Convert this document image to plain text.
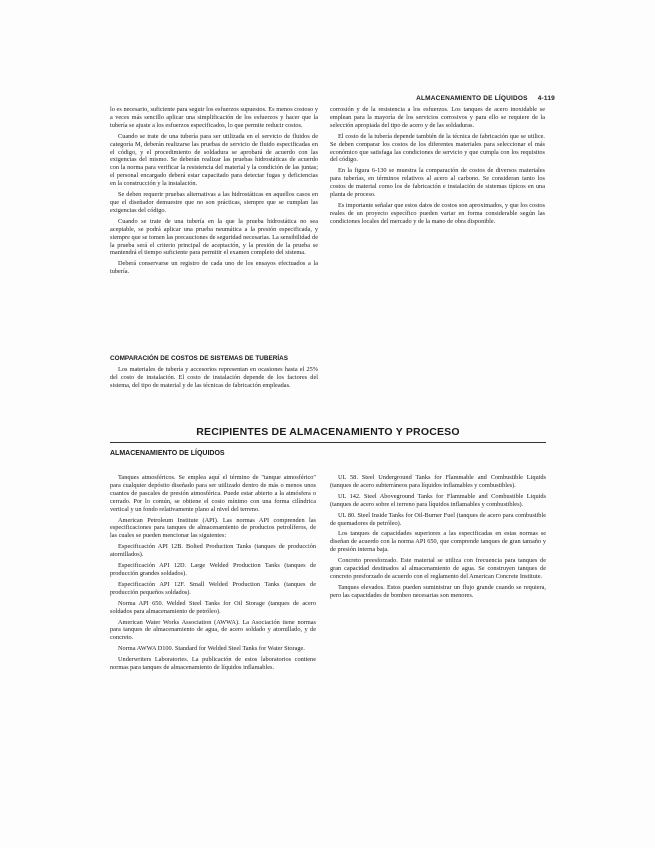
ALMACENAMIENTO DE LÍQUIDOS 4-119

lo es necesario, suficiente para seguir los esfuerzos supuestos. Es menos costoso y a veces más sencillo aplicar una simplificación de los esfuerzos y hacer que la tubería se ajuste a los esfuerzos especificados, lo que permite reducir costos.

Cuando se trate de una tubería para ser utilizada en el servicio de fluidos de categoría M, deberán realizarse las pruebas de servicio de fluido especificadas en el código, y el procedimiento de soldadura se aprobará de acuerdo con las exigencias del mismo. Se deberán realizar las pruebas hidrostáticas de acuerdo con la norma para verificar la resistencia del material y la condición de las juntas; el personal encargado deberá estar capacitado para detectar fugas y deficiencias en la construcción y la instalación.

Se deben requerir pruebas alternativas a las hidrostáticas en aquellos casos en que el diseñador demuestre que no son prácticas, siempre que se cumplan las exigencias del código.

Cuando se trate de una tubería en la que la prueba hidrostática no sea aceptable, se podrá aplicar una prueba neumática a la presión especificada, y siempre que se tomen las precauciones de seguridad necesarias. La sensibilidad de la prueba será el criterio principal de aceptación, y la presión de la prueba se mantendrá el tiempo suficiente para permitir el examen completo del sistema.

Deberá conservarse un registro de cada uno de los ensayos efectuados a la tubería.

COMPARACIÓN DE COSTOS DE SISTEMAS DE TUBERÍAS

Los materiales de tubería y accesorios representan en ocasiones hasta el 25% del costo de instalación. El costo de instalación depende de los factores del sistema, del tipo de material y de las técnicas de fabricación empleadas.

corrosión y de la resistencia a los esfuerzos. Los tanques de acero inoxidable se emplean para la mayoría de los servicios corrosivos y para ello se requiere de la selección apropiada del tipo de acero y de las soldaduras.

El costo de la tubería depende también de la técnica de fabricación que se utilice. Se deben comparar los costos de los diferentes materiales para seleccionar el más económico que satisfaga las condiciones de servicio y que cumpla con los requisitos del código.

En la figura 6-130 se muestra la comparación de costos de diversos materiales para tuberías, en términos relativos al acero al carbono. Se consideran tanto los costos de material como los de fabricación e instalación de sistemas típicos en una planta de proceso.

Es importante señalar que estos datos de costos son aproximados, y que los costos reales de un proyecto específico pueden variar en forma considerable según las condiciones locales del mercado y de la mano de obra disponible.

RECIPIENTES DE ALMACENAMIENTO Y PROCESO
ALMACENAMIENTO DE LÍQUIDOS

Tanques atmosféricos. Se emplea aquí el término de "tanque atmosférico" para cualquier depósito diseñado para ser utilizado dentro de más o menos unos cuantos de pascales de presión atmosférica. Puede estar abierto a la atmósfera o cerrado. Por lo común, se obtiene el costo mínimo con una forma cilíndrica vertical y un fondo relativamente plano al nivel del terreno.

American Petroleum Institute (API). Las normas API comprenden las especificaciones para tanques de almacenamiento de productos petrolíferos, de las cuales se pueden mencionar las siguientes:

Especificación API 12B. Bolted Production Tanks (tanques de producción atornillados).

Especificación API 12D. Large Welded Production Tanks (tanques de producción grandes soldados).

Especificación API 12F. Small Welded Production Tanks (tanques de producción pequeños soldados).

Norma API 650. Welded Steel Tanks for Oil Storage (tanques de acero soldados para almacenamiento de petróleo).

American Water Works Association (AWWA). La Asociación tiene normas para tanques de almacenamiento de agua, de acero soldado y atornillado, y de concreto.

Norma AWWA D100. Standard for Welded Steel Tanks for Water Storage.

Underwriters Laboratories. La publicación de estos laboratorios contiene normas para tanques de almacenamiento de líquidos inflamables.

UL 58. Steel Underground Tanks for Flammable and Combustible Liquids (tanques de acero subterráneos para líquidos inflamables y combustibles).

UL 142. Steel Aboveground Tanks for Flammable and Combustible Liquids (tanques de acero sobre el terreno para líquidos inflamables y combustibles).

UL 80. Steel Inside Tanks for Oil-Burner Fuel (tanques de acero para combustible de quemadores de petróleo).

Los tanques de capacidades superiores a las especificadas en estas normas se diseñan de acuerdo con la norma API 650, que comprende tanques de gran tamaño y de presión interna baja.

Concreto preesforzado. Este material se utiliza con frecuencia para tanques de gran capacidad destinados al almacenamiento de agua. Se construyen tanques de concreto presforzado de acuerdo con el reglamento del American Concrete Institute.

Tanques elevados. Estos pueden suministrar un flujo grande cuando se requiera, pero las capacidades de bombeo necesarias son menores.
